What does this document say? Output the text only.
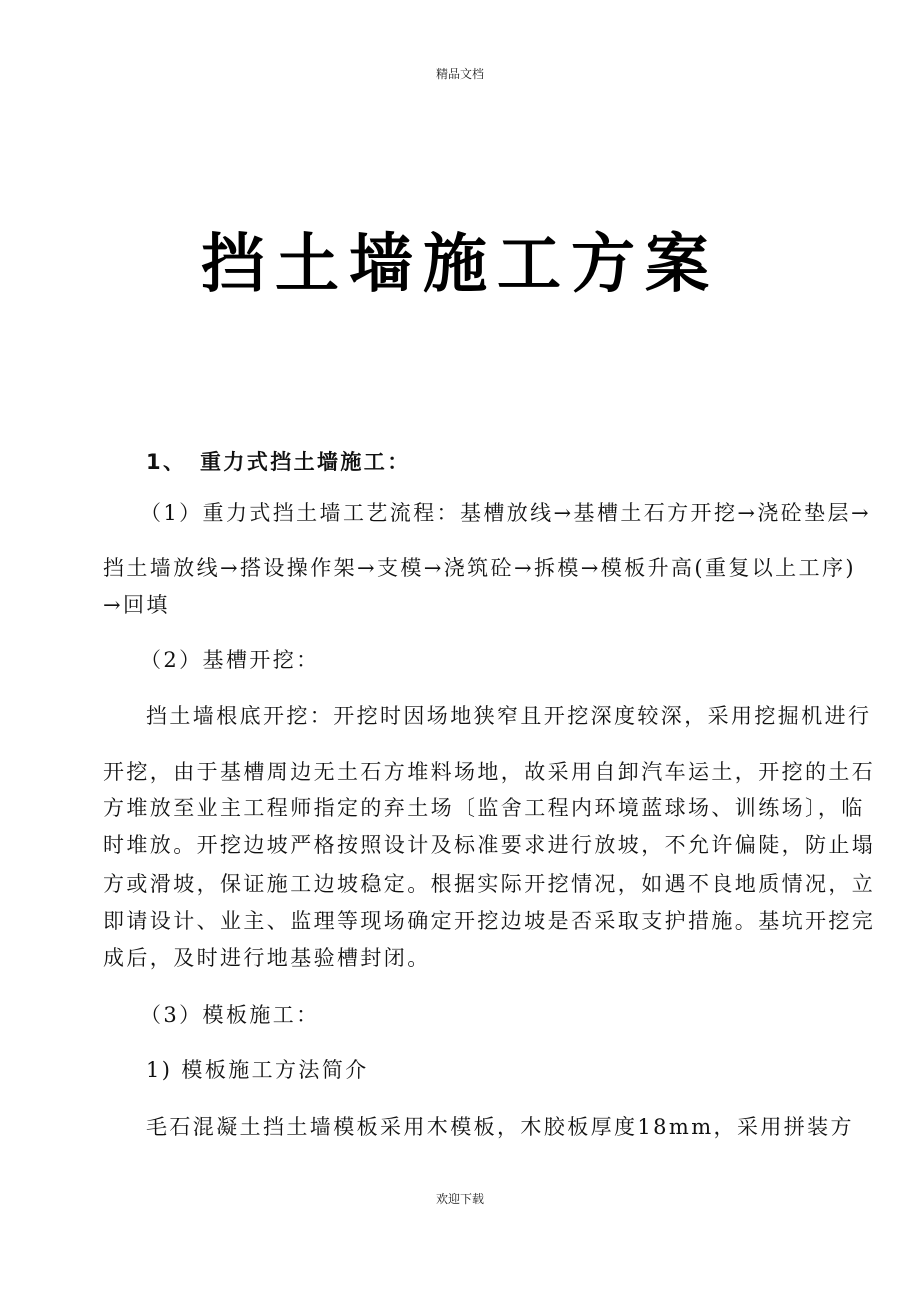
精品文档
挡土墙施工方案
1、 重力式挡土墙施工：
（1）重力式挡土墙工艺流程：基槽放线→基槽土石方开挖→浇砼垫层→
挡土墙放线→搭设操作架→支模→浇筑砼→拆模→模板升高(重复以上工序)
→回填
（2）基槽开挖：
挡土墙根底开挖：开挖时因场地狭窄且开挖深度较深，采用挖掘机进行
开挖，由于基槽周边无土石方堆料场地，故采用自卸汽车运土，开挖的土石
方堆放至业主工程师指定的弃土场〔监舍工程内环境蓝球场、训练场〕，临
时堆放。开挖边坡严格按照设计及标准要求进行放坡，不允许偏陡，防止塌
方或滑坡，保证施工边坡稳定。根据实际开挖情况，如遇不良地质情况，立
即请设计、业主、监理等现场确定开挖边坡是否采取支护措施。基坑开挖完
成后，及时进行地基验槽封闭。
（3）模板施工：
1) 模板施工方法简介
毛石混凝土挡土墙模板采用木模板，木胶板厚度18mm，采用拼装方
欢迎下载
